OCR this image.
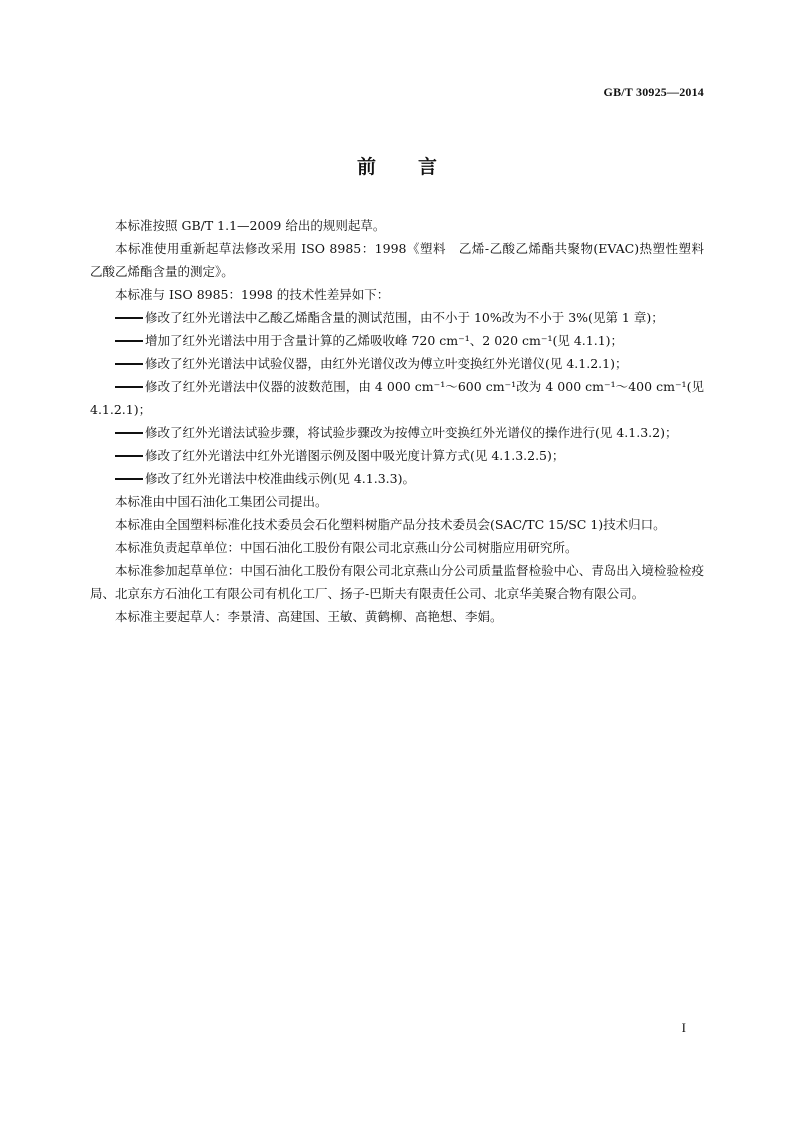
GB/T 30925—2014
前 言

本标准按照 GB/T 1.1—2009 给出的规则起草。

本标准使用重新起草法修改采用 ISO 8985：1998《塑料　乙烯-乙酸乙烯酯共聚物(EVAC)热塑性塑料　乙酸乙烯酯含量的测定》。

本标准与 ISO 8985：1998 的技术性差异如下：

修改了红外光谱法中乙酸乙烯酯含量的测试范围，由不小于 10%改为不小于 3%(见第 1 章)；
增加了红外光谱法中用于含量计算的乙烯吸收峰 720 cm⁻¹、2 020 cm⁻¹(见 4.1.1)；
修改了红外光谱法中试验仪器，由红外光谱仪改为傅立叶变换红外光谱仪(见 4.1.2.1)；
修改了红外光谱法中仪器的波数范围，由 4 000 cm⁻¹～600 cm⁻¹改为 4 000 cm⁻¹～400 cm⁻¹(见 4.1.2.1)；
修改了红外光谱法试验步骤，将试验步骤改为按傅立叶变换红外光谱仪的操作进行(见 4.1.3.2)；
修改了红外光谱法中红外光谱图示例及图中吸光度计算方式(见 4.1.3.2.5)；
修改了红外光谱法中校准曲线示例(见 4.1.3.3)。

本标准由中国石油化工集团公司提出。

本标准由全国塑料标准化技术委员会石化塑料树脂产品分技术委员会(SAC/TC 15/SC 1)技术归口。

本标准负责起草单位：中国石油化工股份有限公司北京燕山分公司树脂应用研究所。

本标准参加起草单位：中国石油化工股份有限公司北京燕山分公司质量监督检验中心、青岛出入境检验检疫局、北京东方石油化工有限公司有机化工厂、扬子-巴斯夫有限责任公司、北京华美聚合物有限公司。

本标准主要起草人：李景清、高建国、王敏、黄鹤柳、高艳想、李娟。

I
